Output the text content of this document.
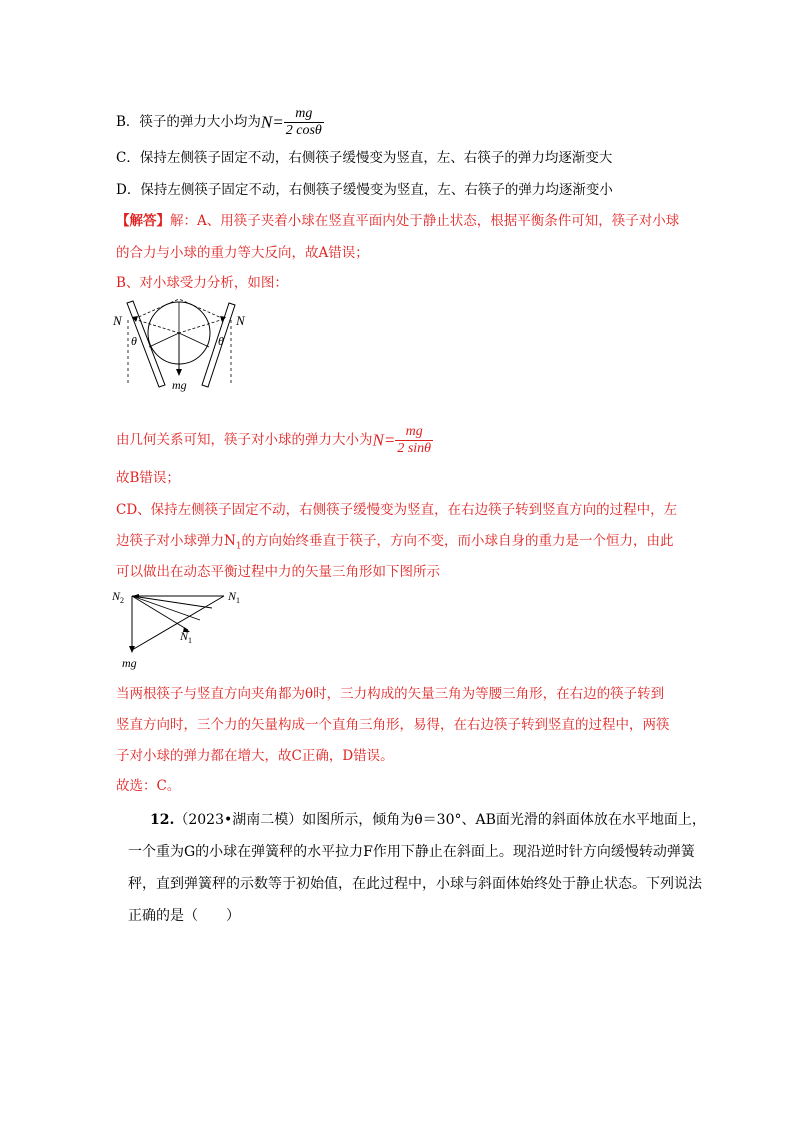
B．筷子的弹力大小均为$N= \frac{mg}{2 \cos\theta}$
C．保持左侧筷子固定不动，右侧筷子缓慢变为竖直，左、右筷子的弹力均逐渐变大
D．保持左侧筷子固定不动，右侧筷子缓慢变为竖直，左、右筷子的弹力均逐渐变小
【解答】解：A、用筷子夹着小球在竖直平面内处于静止状态，根据平衡条件可知，筷子对小球
的合力与小球的重力等大反向，故A错误；
B、对小球受力分析，如图：
N	N
θ	θ
mg
由几何关系可知，筷子对小球的弹力大小为$N= \frac{mg}{2 \sin\theta}$
故B错误；
CD、保持左侧筷子固定不动，右侧筷子缓慢变为竖直，在右边筷子转到竖直方向的过程中，左
边筷子对小球弹力$N_1$的方向始终垂直于筷子，方向不变，而小球自身的重力是一个恒力，由此
可以做出在动态平衡过程中力的矢量三角形如下图所示
$N_2$	$N_1$
$N_1$
mg
当两根筷子与竖直方向夹角都为θ时，三力构成的矢量三角为等腰三角形，在右边的筷子转到
竖直方向时，三个力的矢量构成一个直角三角形，易得，在右边筷子转到竖直的过程中，两筷
子对小球的弹力都在增大，故C正确，D错误。
故选：C。
12.（2023•湖南二模）如图所示，倾角为θ＝30°、AB面光滑的斜面体放在水平地面上，
一个重为G的小球在弹簧秤的水平拉力F作用下静止在斜面上。现沿逆时针方向缓慢转动弹簧
秤，直到弹簧秤的示数等于初始值，在此过程中，小球与斜面体始终处于静止状态。下列说法
正确的是（　　）
